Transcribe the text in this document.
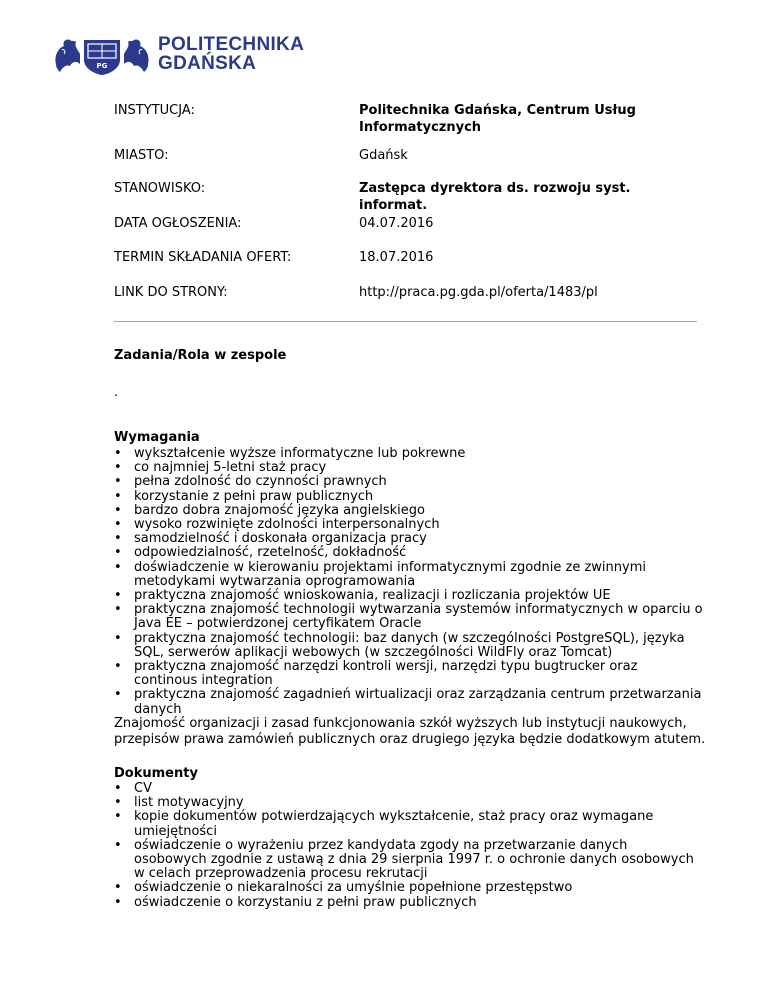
PG
POLITECHNIKA
GDAŃSKA
INSTYTUCJA:	Politechnika Gdańska, Centrum Usług Informatycznych
MIASTO:	Gdańsk
STANOWISKO:	Zastępca dyrektora ds. rozwoju syst. informat.
DATA OGŁOSZENIA:	04.07.2016
TERMIN SKŁADANIA OFERT:	18.07.2016
LINK DO STRONY:	http://praca.pg.gda.pl/oferta/1483/pl
Zadania/Rola w zespole
.
Wymagania
• wykształcenie wyższe informatyczne lub pokrewne
• co najmniej 5-letni staż pracy
• pełna zdolność do czynności prawnych
• korzystanie z pełni praw publicznych
• bardzo dobra znajomość języka angielskiego
• wysoko rozwinięte zdolności interpersonalnych
• samodzielność i doskonała organizacja pracy
• odpowiedzialność, rzetelność, dokładność
• doświadczenie w kierowaniu projektami informatycznymi zgodnie ze zwinnymi metodykami wytwarzania oprogramowania
• praktyczna znajomość wnioskowania, realizacji i rozliczania projektów UE
• praktyczna znajomość technologii wytwarzania systemów informatycznych w oparciu o Java EE – potwierdzonej certyfikatem Oracle
• praktyczna znajomość technologii: baz danych (w szczególności PostgreSQL), języka SQL, serwerów aplikacji webowych (w szczególności WildFly oraz Tomcat)
• praktyczna znajomość narzędzi kontroli wersji, narzędzi typu bugtrucker oraz continous integration
• praktyczna znajomość zagadnień wirtualizacji oraz zarządzania centrum przetwarzania danych
Znajomość organizacji i zasad funkcjonowania szkół wyższych lub instytucji naukowych, przepisów prawa zamówień publicznych oraz drugiego języka będzie dodatkowym atutem.
Dokumenty
• CV
• list motywacyjny
• kopie dokumentów potwierdzających wykształcenie, staż pracy oraz wymagane umiejętności
• oświadczenie o wyrażeniu przez kandydata zgody na przetwarzanie danych osobowych zgodnie z ustawą z dnia 29 sierpnia 1997 r. o ochronie danych osobowych w celach przeprowadzenia procesu rekrutacji
• oświadczenie o niekaralności za umyślnie popełnione przestępstwo
• oświadczenie o korzystaniu z pełni praw publicznych
